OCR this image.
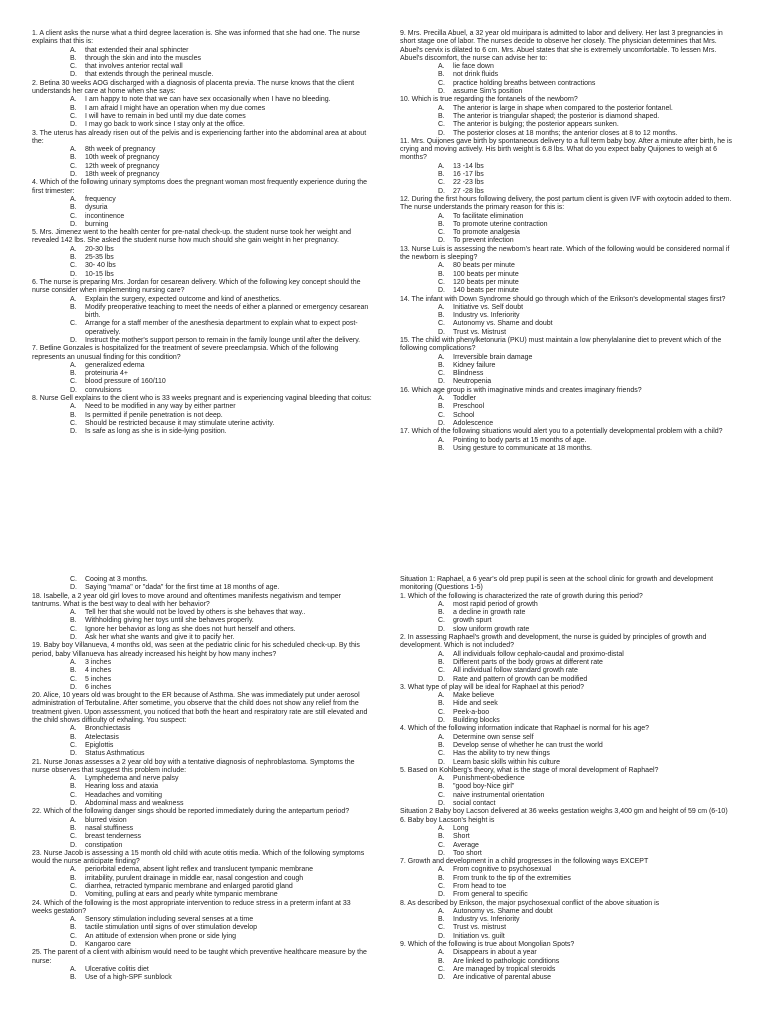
1. A client asks the nurse what a third degree laceration is. She was informed that she had one. The nurse explains that this is:
A. that extended their anal sphincter
B. through the skin and into the muscles
C. that involves anterior rectal wall
D. that extends through the perineal muscle.
2. Betina 30 weeks AOG discharged with a diagnosis of placenta previa. The nurse knows that the client understands her care at home when she says:
A. I am happy to note that we can have sex occasionally when I have no bleeding.
B. I am afraid I might have an operation when my due comes
C. I will have to remain in bed until my due date comes
D. I may go back to work since I stay only at the office.
3. The uterus has already risen out of the pelvis and is experiencing farther into the abdominal area at about the:
A. 8th week of pregnancy
B. 10th week of pregnancy
C. 12th week of pregnancy
D. 18th week of pregnancy
4. Which of the following urinary symptoms does the pregnant woman most frequently experience during the first trimester:
A. frequency
B. dysuria
C. incontinence
D. burning
5. Mrs. Jimenez went to the health center for pre-natal check-up. the student nurse took her weight and revealed 142 lbs. She asked the student nurse how much should she gain weight in her pregnancy.
A. 20-30 lbs
B. 25-35 lbs
C. 30- 40 lbs
D. 10-15 lbs
6. The nurse is preparing Mrs. Jordan for cesarean delivery. Which of the following key concept should the nurse consider when implementing nursing care?
A. Explain the surgery, expected outcome and kind of anesthetics.
B. Modify preoperative teaching to meet the needs of either a planned or emergency cesarean birth.
C. Arrange for a staff member of the anesthesia department to explain what to expect post-operatively.
D. Instruct the mother's support person to remain in the family lounge until after the delivery.
7. Betline Gonzales is hospitalized for the treatment of severe preeclampsia. Which of the following represents an unusual finding for this condition?
A. generalized edema
B. proteinuria 4+
C. blood pressure of 160/110
D. convulsions
8. Nurse Gell explains to the client who is 33 weeks pregnant and is experiencing vaginal bleeding that coitus:
A. Need to be modified in any way by either partner
B. Is permitted if penile penetration is not deep.
C. Should be restricted because it may stimulate uterine activity.
D. Is safe as long as she is in side-lying position.
9. Mrs. Precilla Abuel, a 32 year old muiripara is admitted to labor and delivery. Her last 3 pregnancies in short stage one of labor. The nurses decide to observe her closely. The physician determines that Mrs. Abuel's cervix is dilated to 6 cm. Mrs. Abuel states that she is extremely uncomfortable. To lessen Mrs. Abuel's discomfort, the nurse can advise her to:
A. lie face down
B. not drink fluids
C. practice holding breaths between contractions
D. assume Sim's position
10. Which is true regarding the fontanels of the newborn?
A. The anterior is large in shape when compared to the posterior fontanel.
B. The anterior is triangular shaped; the posterior is diamond shaped.
C. The anterior is bulging; the posterior appears sunken.
D. The posterior closes at 18 months; the anterior closes at 8 to 12 months.
11. Mrs. Quijones gave birth by spontaneous delivery to a full term baby boy. After a minute after birth, he is crying and moving actively. His birth weight is 6.8 lbs. What do you expect baby Quijones to weigh at 6 months?
A. 13 -14 lbs
B. 16 -17 lbs
C. 22 -23 lbs
D. 27 -28 lbs
12. During the first hours following delivery, the post partum client is given IVF with oxytocin added to them. The nurse understands the primary reason for this is:
A. To facilitate elimination
B. To promote uterine contraction
C. To promote analgesia
D. To prevent infection
13. Nurse Luis is assessing the newborn's heart rate. Which of the following would be considered normal if the newborn is sleeping?
A. 80 beats per minute
B. 100 beats per minute
C. 120 beats per minute
D. 140 beats per minute
14. The infant with Down Syndrome should go through which of the Erikson's developmental stages first?
A. Initiative vs. Self doubt
B. Industry vs. Inferiority
C. Autonomy vs. Shame and doubt
D. Trust vs. Mistrust
15. The child with phenylketonuria (PKU) must maintain a low phenylalanine diet to prevent which of the following complications?
A. Irreversible brain damage
B. Kidney failure
C. Blindness
D. Neutropenia
16. Which age group is with imaginative minds and creates imaginary friends?
A. Toddler
B. Preschool
C. School
D. Adolescence
17. Which of the following situations would alert you to a potentially developmental problem with a child?
A. Pointing to body parts at 15 months of age.
B. Using gesture to communicate at 18 months.
C. Cooing at 3 months.
D. Saying "mama" or "dada" for the first time at 18 months of age.
18. Isabelle, a 2 year old girl loves to move around and oftentimes manifests negativism and temper tantrums. What is the best way to deal with her behavior?
A. Tell her that she would not be loved by others is she behaves that way..
B. Withholding giving her toys until she behaves properly.
C. Ignore her behavior as long as she does not hurt herself and others.
D. Ask her what she wants and give it to pacify her.
19. Baby boy Villanueva, 4 months old, was seen at the pediatric clinic for his scheduled check-up. By this period, baby Villanueva has already increased his height by how many inches?
A. 3 inches
B. 4 inches
C. 5 inches
D. 6 inches
20. Alice, 10 years old was brought to the ER because of Asthma. She was immediately put under aerosol administration of Terbutaline. After sometime, you observe that the child does not show any relief from the treatment given. Upon assessment, you noticed that both the heart and respiratory rate are still elevated and the child shows difficulty of exhaling. You suspect:
A. Bronchiectasis
B. Atelectasis
C. Epiglottis
D. Status Asthmaticus
21. Nurse Jonas assesses a 2 year old boy with a tentative diagnosis of nephroblastoma. Symptoms the nurse observes that suggest this problem include:
A. Lymphedema and nerve palsy
B. Hearing loss and ataxia
C. Headaches and vomiting
D. Abdominal mass and weakness
22. Which of the following danger sings should be reported immediately during the antepartum period?
A. blurred vision
B. nasal stuffiness
C. breast tenderness
D. constipation
23. Nurse Jacob is assessing a 15 month old child with acute otitis media. Which of the following symptoms would the nurse anticipate finding?
A. periorbital edema, absent light reflex and translucent tympanic membrane
B. irritability, purulent drainage in middle ear, nasal congestion and cough
C. diarrhea, retracted tympanic membrane and enlarged parotid gland
D. Vomiting, pulling at ears and pearly white tympanic membrane
24. Which of the following is the most appropriate intervention to reduce stress in a preterm infant at 33 weeks gestation?
A. Sensory stimulation including several senses at a time
B. tactile stimulation until signs of over stimulation develop
C. An attitude of extension when prone or side lying
D. Kangaroo care
25. The parent of a client with albinism would need to be taught which preventive healthcare measure by the nurse:
A. Ulcerative colitis diet
B. Use of a high-SPF sunblock
Situation 1: Raphael, a 6 year's old prep pupil is seen at the school clinic for growth and development monitoring (Questions 1-5)
1. Which of the following is characterized the rate of growth during this period?
A. most rapid period of growth
B. a decline in growth rate
C. growth spurt
D. slow uniform growth rate
2. In assessing Raphael's growth and development, the nurse is guided by principles of growth and development. Which is not included?
A. All individuals follow cephalo-caudal and proximo-distal
B. Different parts of the body grows at different rate
C. All individual follow standard growth rate
D. Rate and pattern of growth can be modified
3. What type of play will be ideal for Raphael at this period?
A. Make believe
B. Hide and seek
C. Peek-a-boo
D. Building blocks
4. Which of the following information indicate that Raphael is normal for his age?
A. Determine own sense self
B. Develop sense of whether he can trust the world
C. Has the ability to try new things
D. Learn basic skills within his culture
5. Based on Kohlberg's theory, what is the stage of moral development of Raphael?
A. Punishment-obedience
B. "good boy-Nice girl"
C. naive instrumental orientation
D. social contact
Situation 2 Baby boy Lacson delivered at 36 weeks gestation weighs 3,400 gm and height of 59 cm (6-10)
6. Baby boy Lacson's height is
A. Long
B. Short
C. Average
D. Too short
7. Growth and development in a child progresses in the following ways EXCEPT
A. From cognitive to psychosexual
B. From trunk to the tip of the extremities
C. From head to toe
D. From general to specific
8. As described by Erikson, the major psychosexual conflict of the above situation is
A. Autonomy vs. Shame and doubt
B. Industry vs. Inferiority
C. Trust vs. mistrust
D. Initiation vs. guilt
9. Which of the following is true about Mongolian Spots?
A. Disappears in about a year
B. Are linked to pathologic conditions
C. Are managed by tropical steroids
D. Are indicative of parental abuse
